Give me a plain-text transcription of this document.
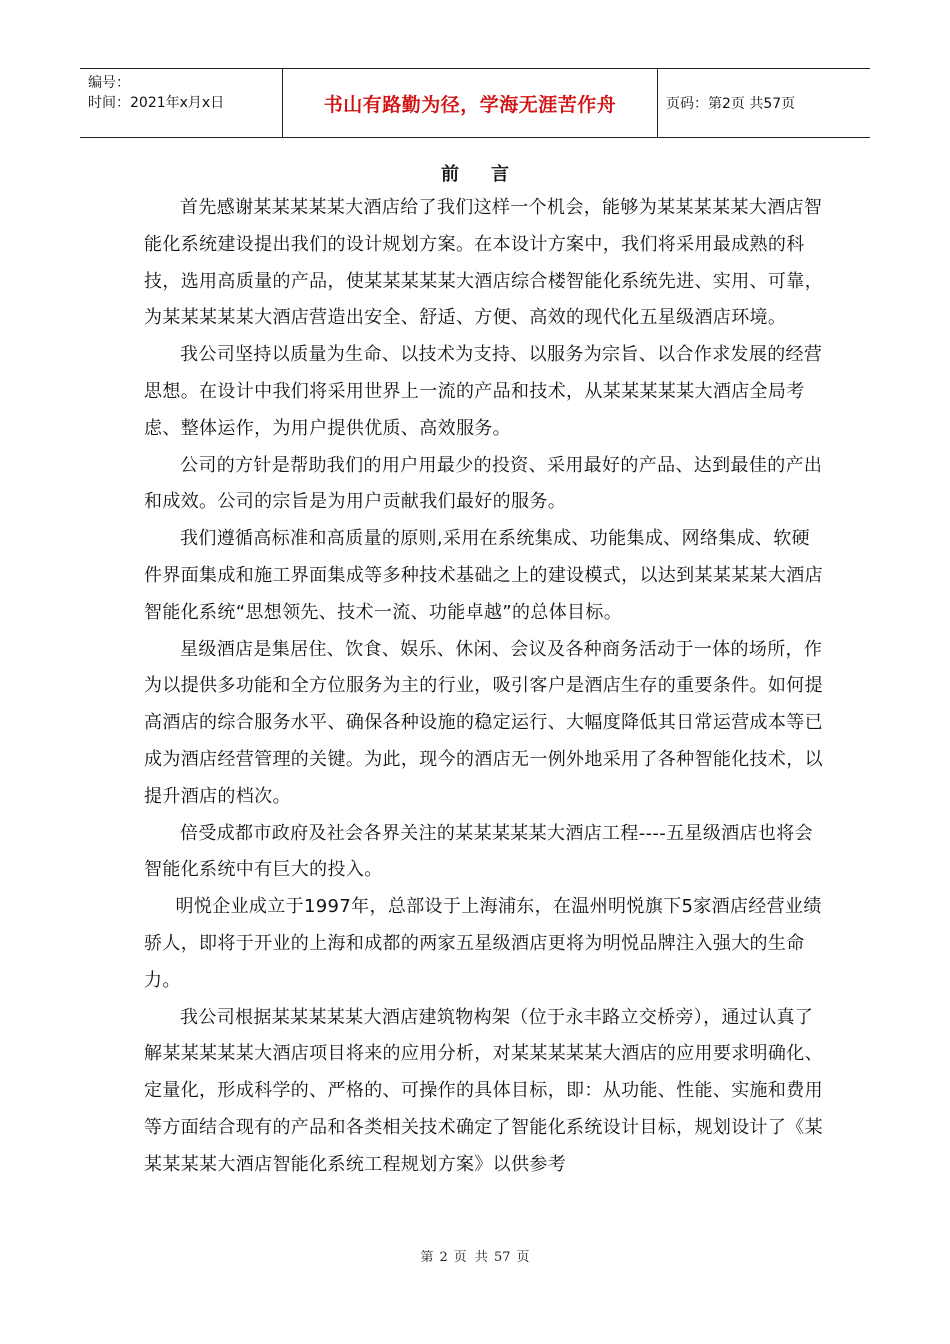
编号：
时间：2021年x月x日	书山有路勤为径，学海无涯苦作舟	页码：第2页 共57页
前言

首先感谢某某某某某大酒店给了我们这样一个机会，能够为某某某某某大酒店智能化系统建设提出我们的设计规划方案。在本设计方案中，我们将采用最成熟的科技，选用高质量的产品，使某某某某某大酒店综合楼智能化系统先进、实用、可靠，为某某某某某大酒店营造出安全、舒适、方便、高效的现代化五星级酒店环境。

我公司坚持以质量为生命、以技术为支持、以服务为宗旨、以合作求发展的经营思想。在设计中我们将采用世界上一流的产品和技术，从某某某某某大酒店全局考虑、整体运作，为用户提供优质、高效服务。

公司的方针是帮助我们的用户用最少的投资、采用最好的产品、达到最佳的产出和成效。公司的宗旨是为用户贡献我们最好的服务。

我们遵循高标准和高质量的原则,采用在系统集成、功能集成、网络集成、软硬件界面集成和施工界面集成等多种技术基础之上的建设模式，以达到某某某某大酒店智能化系统“思想领先、技术一流、功能卓越”的总体目标。

星级酒店是集居住、饮食、娱乐、休闲、会议及各种商务活动于一体的场所，作为以提供多功能和全方位服务为主的行业，吸引客户是酒店生存的重要条件。如何提高酒店的综合服务水平、确保各种设施的稳定运行、大幅度降低其日常运营成本等已成为酒店经营管理的关键。为此，现今的酒店无一例外地采用了各种智能化技术，以提升酒店的档次。

倍受成都市政府及社会各界关注的某某某某某大酒店工程----五星级酒店也将会智能化系统中有巨大的投入。

明悦企业成立于1997年，总部设于上海浦东，在温州明悦旗下5家酒店经营业绩骄人，即将于开业的上海和成都的两家五星级酒店更将为明悦品牌注入强大的生命力。

我公司根据某某某某某大酒店建筑物构架（位于永丰路立交桥旁），通过认真了解某某某某某大酒店项目将来的应用分析，对某某某某某大酒店的应用要求明确化、定量化，形成科学的、严格的、可操作的具体目标，即：从功能、性能、实施和费用等方面结合现有的产品和各类相关技术确定了智能化系统设计目标，规划设计了《某某某某某大酒店智能化系统工程规划方案》以供参考

第 2 页 共 57 页
